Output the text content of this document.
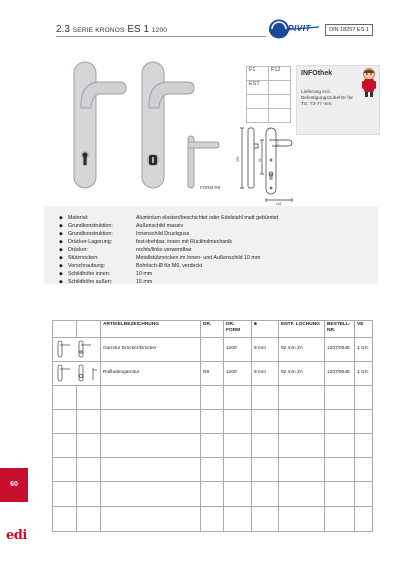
2.3 SERIE KRONOS ES 1 1200	PIVIT	DIN 18257 ES 1
F1	F12
EST	

INFOthek
Lieferung incl. Befestigungszubehör für TS: 73-77 mm.
270	92
142
FORM R9
◆ Material:	Aluminium eloxiert/beschichtet oder Edelstahl matt gebürstet
◆ Grundkonstruktion:	Außenschild massiv
◆ Grundkonstruktion:	Innenschild Druckguss
◆ Drücker-Lagerung:	fest-drehbar, innen mit Rückholmechanik
◆ Drücker:	rechts/links verwendbar
◆ Stütznocken:	Metallstütznocken im Innen- und Außenschild 10 mm
◆ Verschraubung:	Bohrloch-Ø für M6, verdeckt
◆ Schildhöhe innen:	10 mm
◆ Schildhöhe außen:	15 mm
		ARTIKELBEZEICHNUNG	DR.	DR. FORM	■	ENTF. LOCHUNG	BESTELL-NR.	VE

	Garnitur Drücker/Drücker		1200	8 mm	92 mm ZA	1207/0045	1 Grt.

	Rollladengarnitur	R9	1200	8 mm	92 mm ZA	1207/9045	1 Grt.

60
edi
